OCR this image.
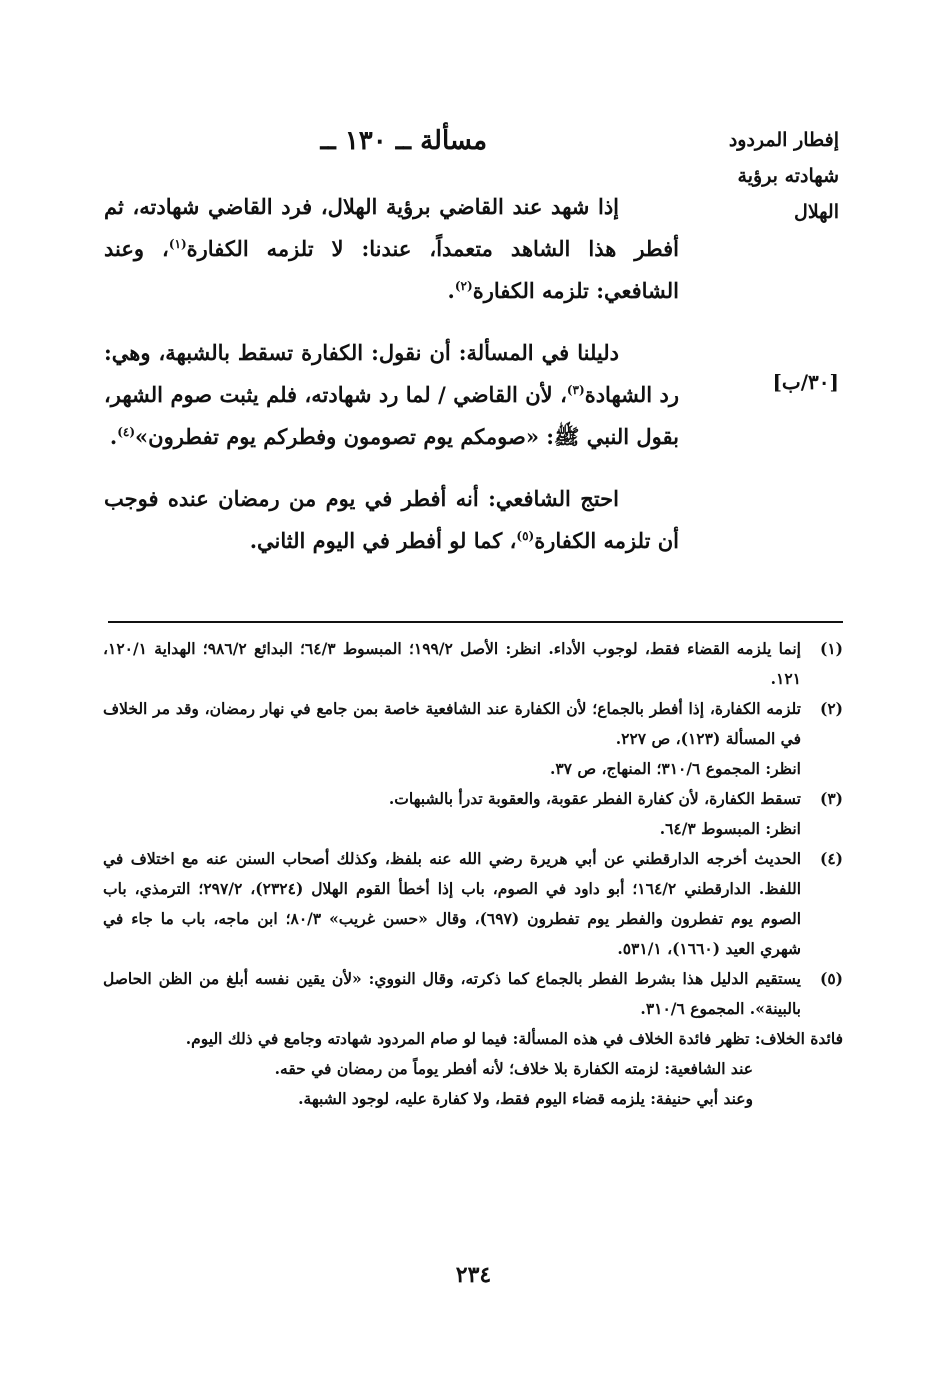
إفطار المردود
شهادته برؤية
الهلال
[٣٠/ب]
مسألة ــ ١٣٠ ــ

إذا شهد عند القاضي برؤية الهلال، فرد القاضي شهادته، ثم أفطر هذا الشاهد متعمداً، عندنا: لا تلزمه الكفارة$^{(١)}$، وعند الشافعي: تلزمه الكفارة$^{(٢)}$.

دليلنا في المسألة: أن نقول: الكفارة تسقط بالشبهة، وهي: رد الشهادة$^{(٣)}$، لأن القاضي / لما رد شهادته، فلم يثبت صوم الشهر، بقول النبي ﷺ: «صومكم يوم تصومون وفطركم يوم تفطرون»$^{(٤)}$.

احتج الشافعي: أنه أفطر في يوم من رمضان عنده فوجب أن تلزمه الكفارة$^{(٥)}$، كما لو أفطر في اليوم الثاني.

(١)
إنما يلزمه القضاء فقط، لوجوب الأداء. انظر: الأصل ١٩٩/٢؛ المبسوط ٦٤/٣؛ البدائع ٩٨٦/٢؛ الهداية ١٢٠/١، ١٢١.
(٢)
تلزمه الكفارة، إذا أفطر بالجماع؛ لأن الكفارة عند الشافعية خاصة بمن جامع في نهار رمضان، وقد مر الخلاف في المسألة (١٢٣)، ص ٢٢٧.
انظر: المجموع ٣١٠/٦؛ المنهاج، ص ٣٧.
(٣)
تسقط الكفارة، لأن كفارة الفطر عقوبة، والعقوبة تدرأ بالشبهات.
انظر: المبسوط ٦٤/٣.
(٤)
الحديث أخرجه الدارقطني عن أبي هريرة رضي الله عنه بلفظ، وكذلك أصحاب السنن عنه مع اختلاف في اللفظ. الدارقطني ١٦٤/٢؛ أبو داود في الصوم، باب إذا أخطأ القوم الهلال (٢٣٢٤)، ٢٩٧/٢؛ الترمذي، باب الصوم يوم تفطرون والفطر يوم تفطرون (٦٩٧)، وقال «حسن غريب» ٨٠/٣؛ ابن ماجه، باب ما جاء في شهري العيد (١٦٦٠)، ٥٣١/١.
(٥)
يستقيم الدليل هذا بشرط الفطر بالجماع كما ذكرته، وقال النووي: «لأن يقين نفسه أبلغ من الظن الحاصل بالبينة». المجموع ٣١٠/٦.

فائدة الخلاف: تظهر فائدة الخلاف في هذه المسألة: فيما لو صام المردود شهادته وجامع في ذلك اليوم.

عند الشافعية: لزمته الكفارة بلا خلاف؛ لأنه أفطر يوماً من رمضان في حقه.

وعند أبي حنيفة: يلزمه قضاء اليوم فقط، ولا كفارة عليه، لوجود الشبهة.

٢٣٤
